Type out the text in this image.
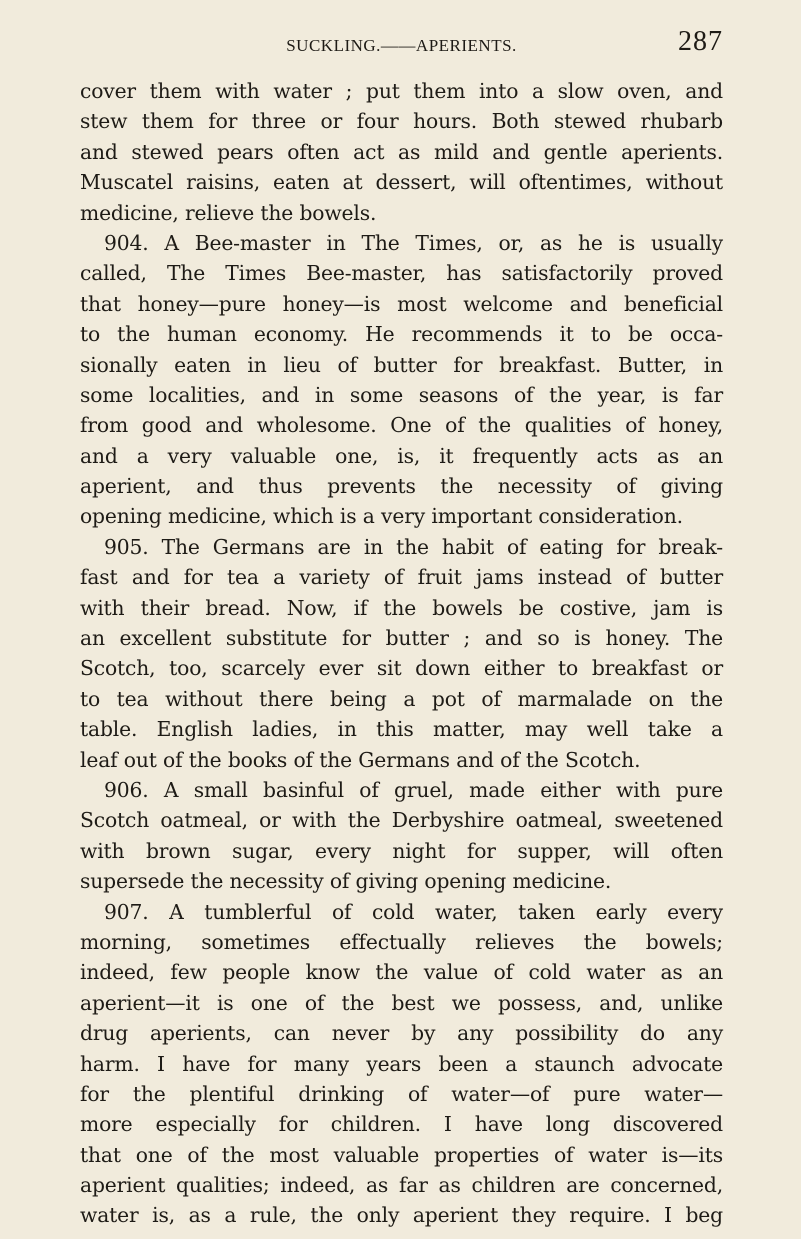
SUCKLING.——APERIENTS.	287
cover them with water ; put them into a slow oven, and
stew them for three or four hours. Both stewed rhubarb
and stewed pears often act as mild and gentle aperients.
Muscatel raisins, eaten at dessert, will oftentimes, without
medicine, relieve the bowels.
904. A Bee-master in The Times, or, as he is usually
called, The Times Bee-master, has satisfactorily proved
that honey—pure honey—is most welcome and beneficial
to the human economy. He recommends it to be occa-
sionally eaten in lieu of butter for breakfast. Butter, in
some localities, and in some seasons of the year, is far
from good and wholesome. One of the qualities of honey,
and a very valuable one, is, it frequently acts as an
aperient, and thus prevents the necessity of giving
opening medicine, which is a very important consideration.
905. The Germans are in the habit of eating for break-
fast and for tea a variety of fruit jams instead of butter
with their bread. Now, if the bowels be costive, jam is
an excellent substitute for butter ; and so is honey. The
Scotch, too, scarcely ever sit down either to breakfast or
to tea without there being a pot of marmalade on the
table. English ladies, in this matter, may well take a
leaf out of the books of the Germans and of the Scotch.
906. A small basinful of gruel, made either with pure
Scotch oatmeal, or with the Derbyshire oatmeal, sweetened
with brown sugar, every night for supper, will often
supersede the necessity of giving opening medicine.
907. A tumblerful of cold water, taken early every
morning, sometimes effectually relieves the bowels;
indeed, few people know the value of cold water as an
aperient—it is one of the best we possess, and, unlike
drug aperients, can never by any possibility do any
harm. I have for many years been a staunch advocate
for the plentiful drinking of water—of pure water—
more especially for children. I have long discovered
that one of the most valuable properties of water is—its
aperient qualities; indeed, as far as children are concerned,
water is, as a rule, the only aperient they require. I beg
